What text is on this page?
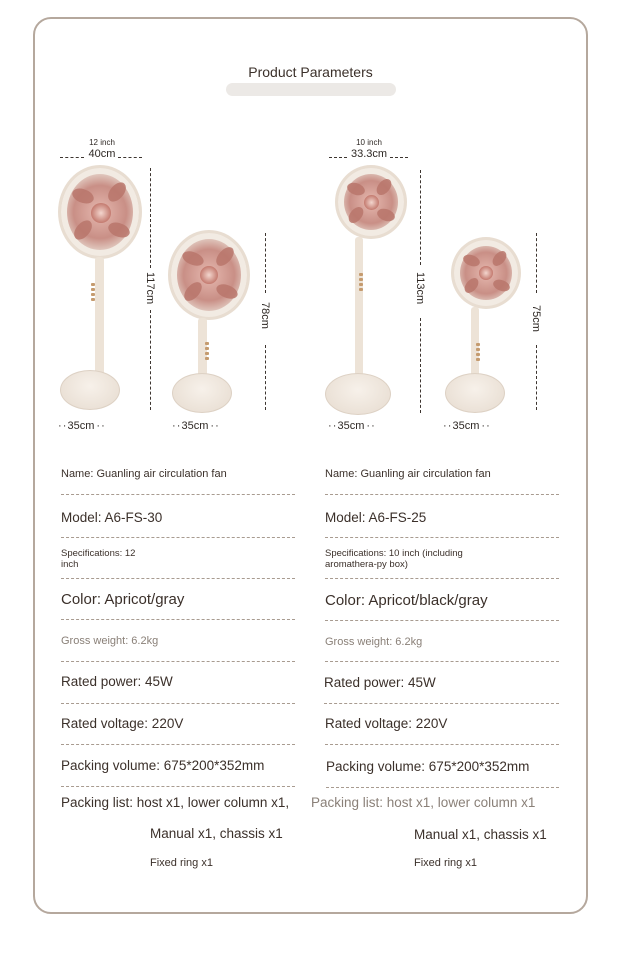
Product Parameters
12 inch
40cm
117cm
78cm
· · 35cm · ·	· · 35cm · ·
10 inch
33.3cm
113cm
75cm
· · 35cm · ·	· · 35cm · ·
Name: Guanling air circulation fan
Model: A6-FS-30
Specifications: 12 inch
Color: Apricot/gray
Gross weight: 6.2kg
Rated power: 45W
Rated voltage: 220V
Packing volume: 675*200*352mm
Packing list: host x1, lower column x1,
Manual x1, chassis x1
Fixed ring x1
Name: Guanling air circulation fan
Model: A6-FS-25
Specifications: 10 inch (including aromathera-py box)
Color: Apricot/black/gray
Gross weight: 6.2kg
Rated power: 45W
Rated voltage: 220V
Packing volume: 675*200*352mm
Packing list: host x1, lower column x1
Manual x1, chassis x1
Fixed ring x1
